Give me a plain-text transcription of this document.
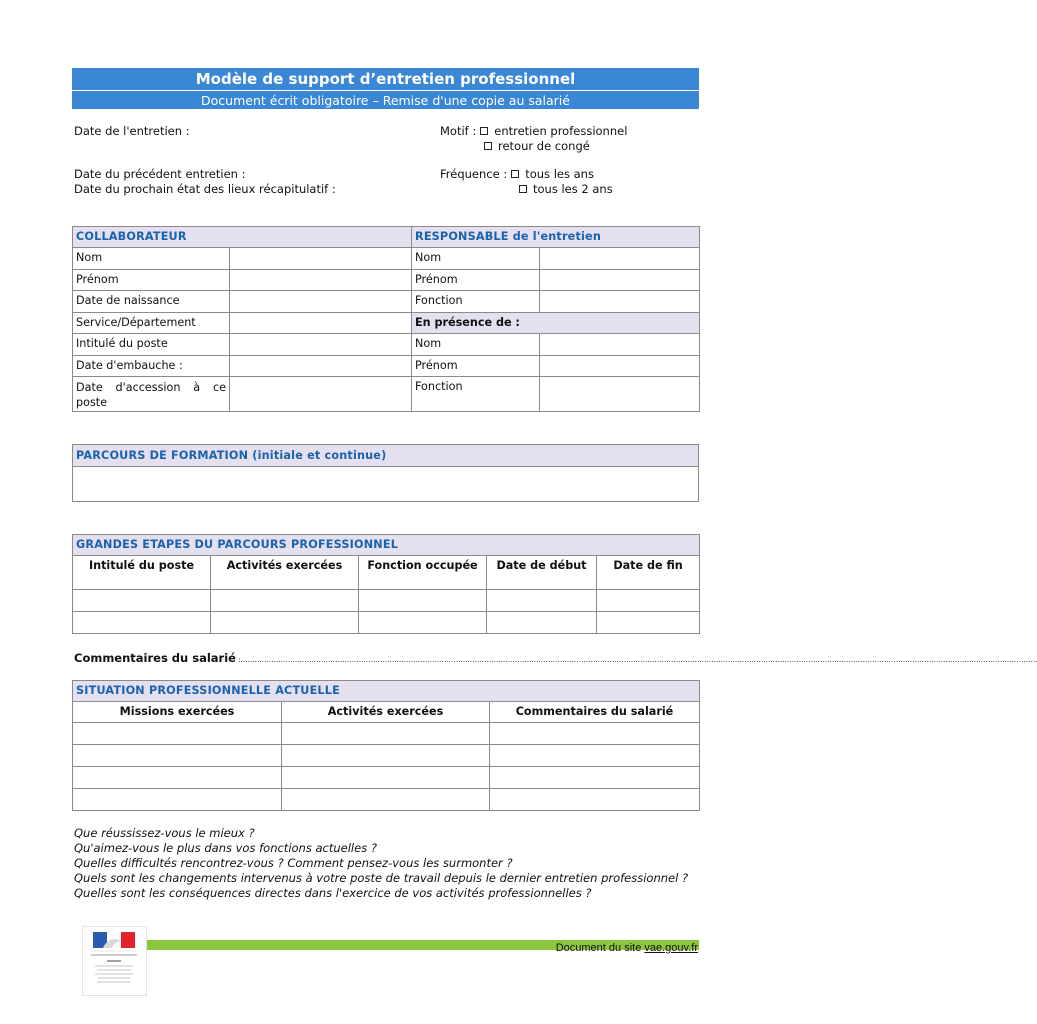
Modèle de support d’entretien professionnel
Document écrit obligatoire – Remise d'une copie au salarié
Date de l'entretien :	Motif : entretien professionnel
retour de congé
Date du précédent entretien :
Date du prochain état des lieux récapitulatif :
Fréquence : tous les ans
tous les 2 ans
COLLABORATEUR		RESPONSABLE de l'entretien	
Nom		Nom	
Prénom		Prénom	
Date de naissance		Fonction	
Service/Département		En présence de :	
Intitulé du poste		Nom	
Date d'embauche :		Prénom	
Date d'accession à ce poste		Fonction	
PARCOURS DE FORMATION (initiale et continue)

GRANDES ETAPES DU PARCOURS PROFESSIONNEL				
Intitulé du poste	Activités exercées	Fonction occupée	Date de début	Date de fin

Commentaires du salarié :………………………………………………………………………………………………………………………………………………………………………………………………………………………………………………………………………………………………………….
SITUATION PROFESSIONNELLE ACTUELLE		
Missions exercées	Activités exercées	Commentaires du salarié

Que réussissez-vous le mieux ?

Qu'aimez-vous le plus dans vos fonctions actuelles ?

Quelles difficultés rencontrez-vous ? Comment pensez-vous les surmonter ?

Quels sont les changements intervenus à votre poste de travail depuis le dernier entretien professionnel ?

Quelles sont les conséquences directes dans l'exercice de vos activités professionnelles ?

Document du site vae.gouv.fr
